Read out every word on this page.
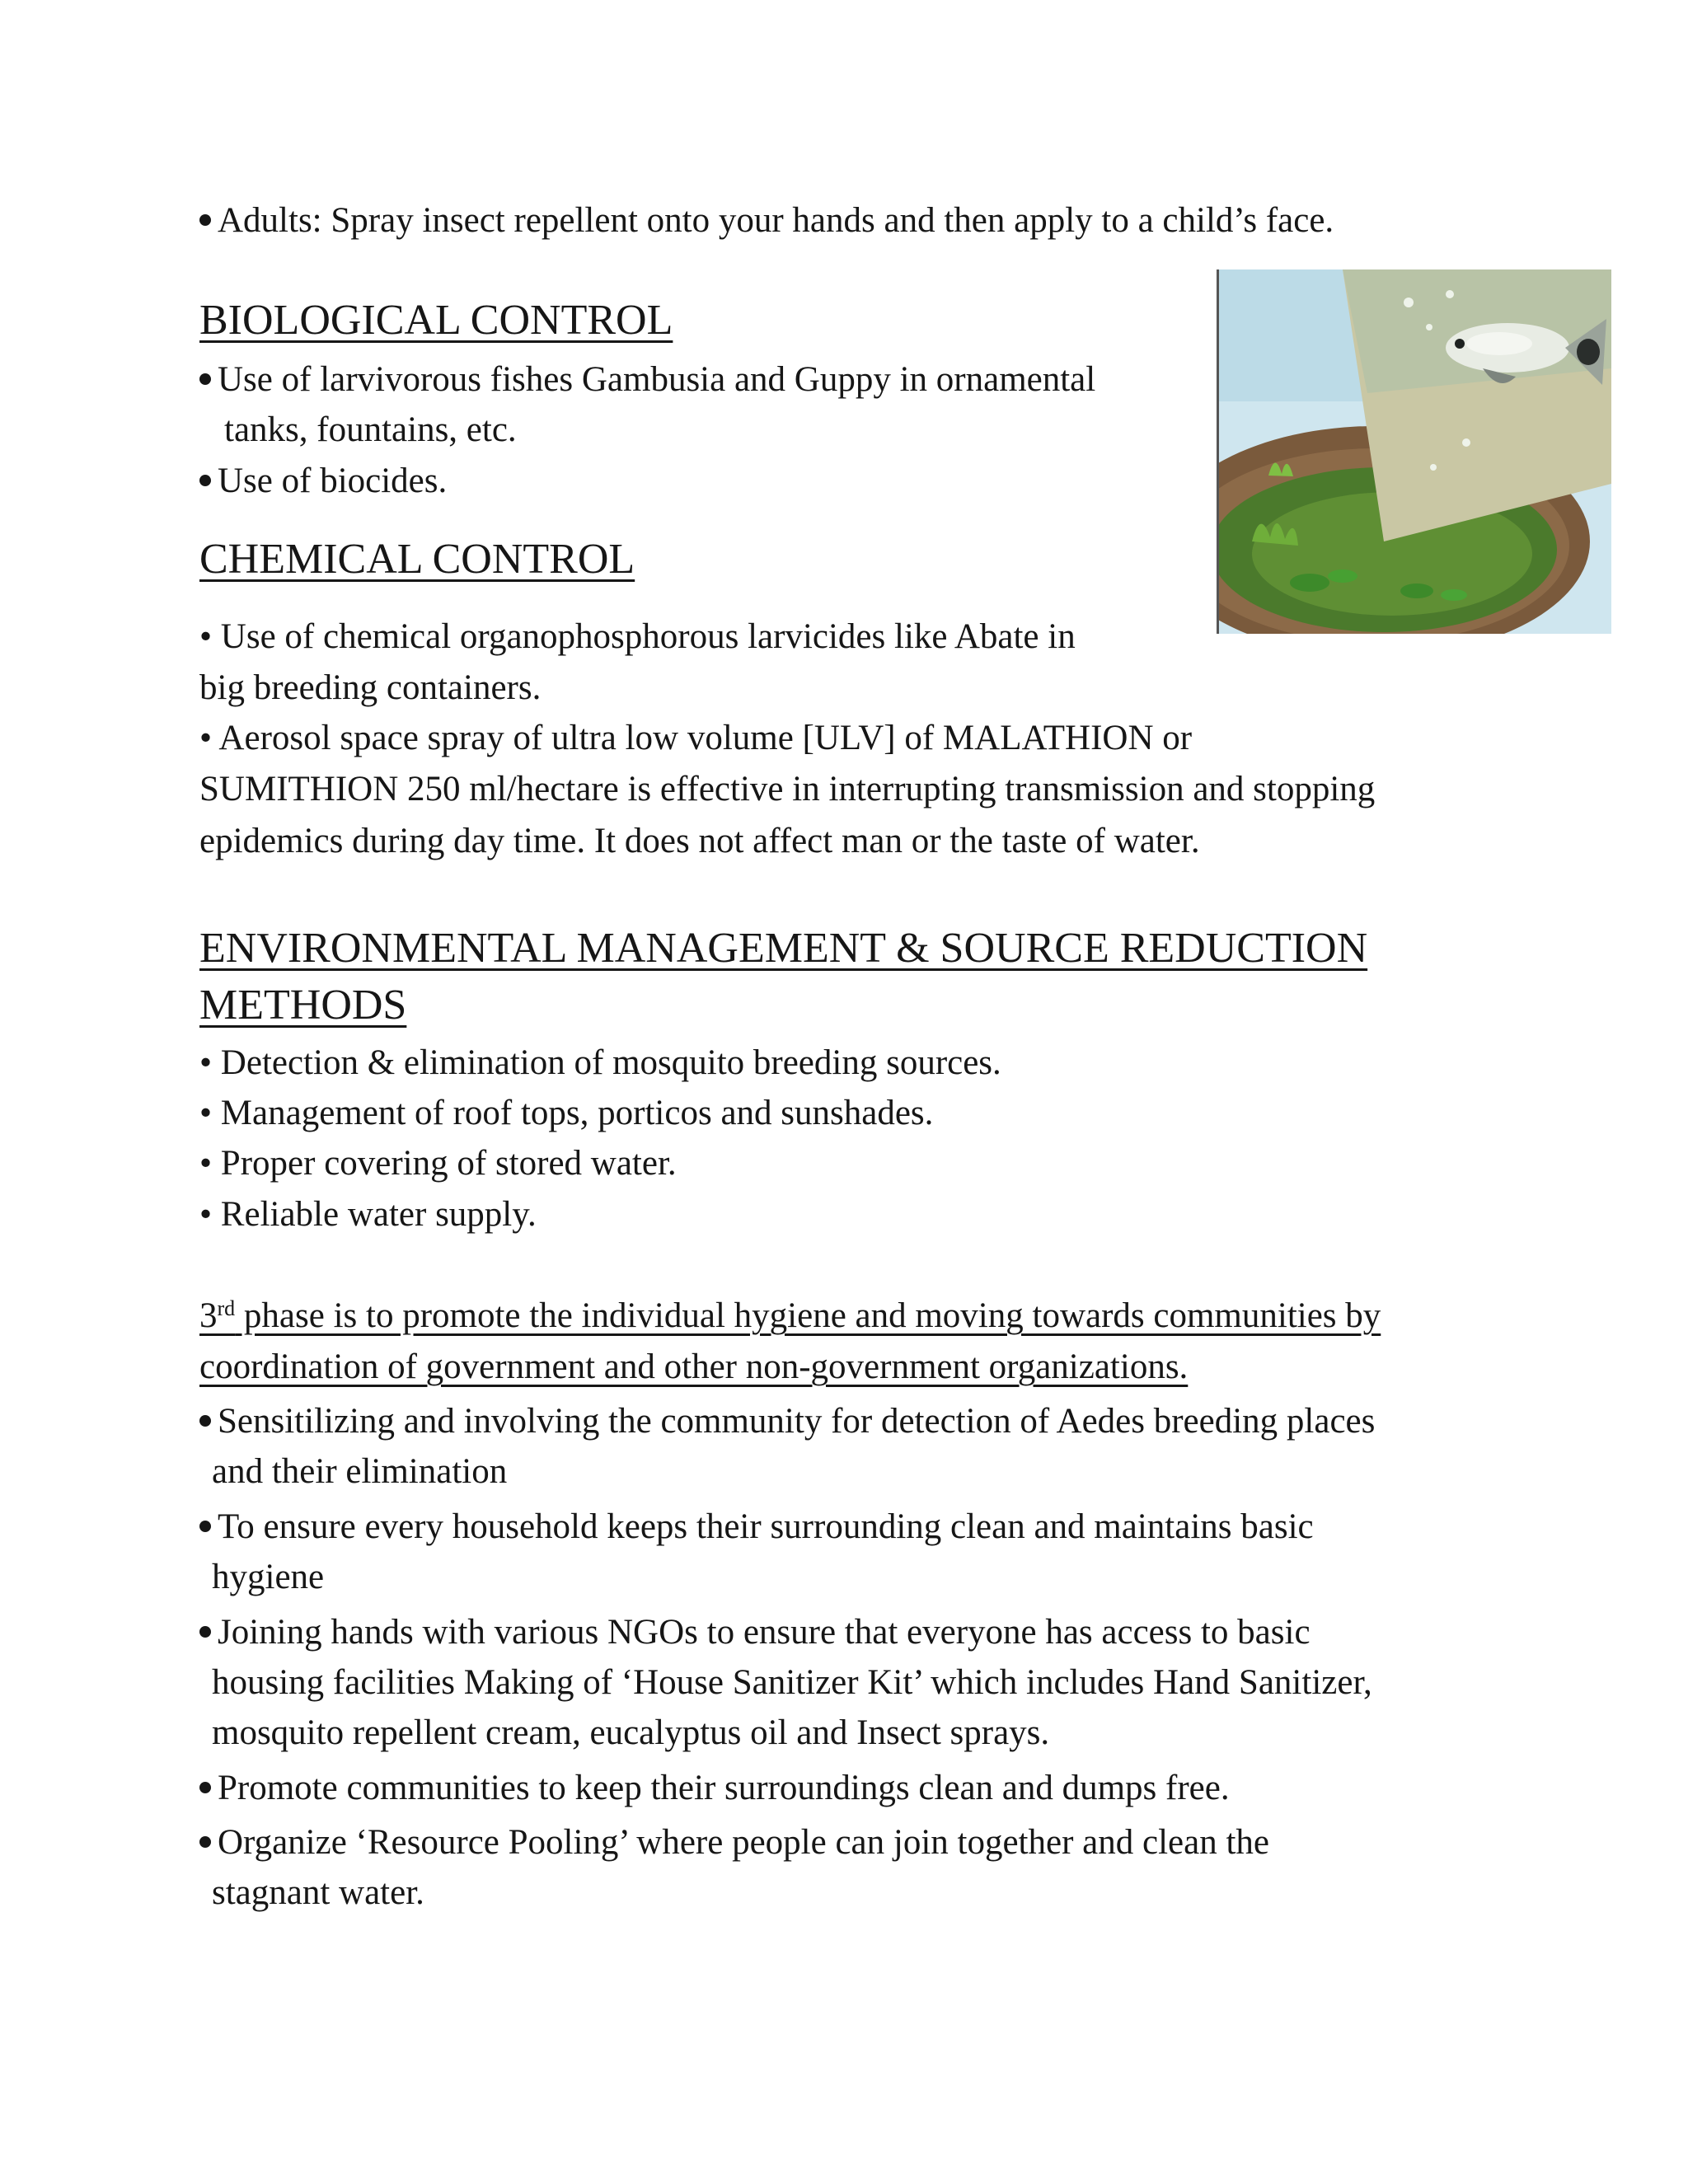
Adults: Spray insect repellent onto your hands and then apply to a child’s face.
BIOLOGICAL CONTROL
Use of larvivorous fishes Gambusia and Guppy in ornamental
tanks, fountains, etc.
Use of biocides.
CHEMICAL CONTROL
• Use of chemical organophosphorous larvicides like Abate in
big breeding containers.
• Aerosol space spray of ultra low volume [ULV] of MALATHION or
SUMITHION 250 ml/hectare is effective in interrupting transmission and stopping
epidemics during day time. It does not affect man or the taste of water.
ENVIRONMENTAL MANAGEMENT & SOURCE REDUCTION
METHODS
• Detection & elimination of mosquito breeding sources.
• Management of roof tops, porticos and sunshades.
• Proper covering of stored water.
• Reliable water supply.
3rd phase is to promote the individual hygiene and moving towards communities by
coordination of government and other non-government organizations.
Sensitilizing and involving the community for detection of Aedes breeding places
and their elimination
To ensure every household keeps their surrounding clean and maintains basic
hygiene
Joining hands with various NGOs to ensure that everyone has access to basic
housing facilities Making of ‘House Sanitizer Kit’ which includes Hand Sanitizer,
mosquito repellent cream, eucalyptus oil and Insect sprays.
Promote communities to keep their surroundings clean and dumps free.
Organize ‘Resource Pooling’ where people can join together and clean the
stagnant water.
